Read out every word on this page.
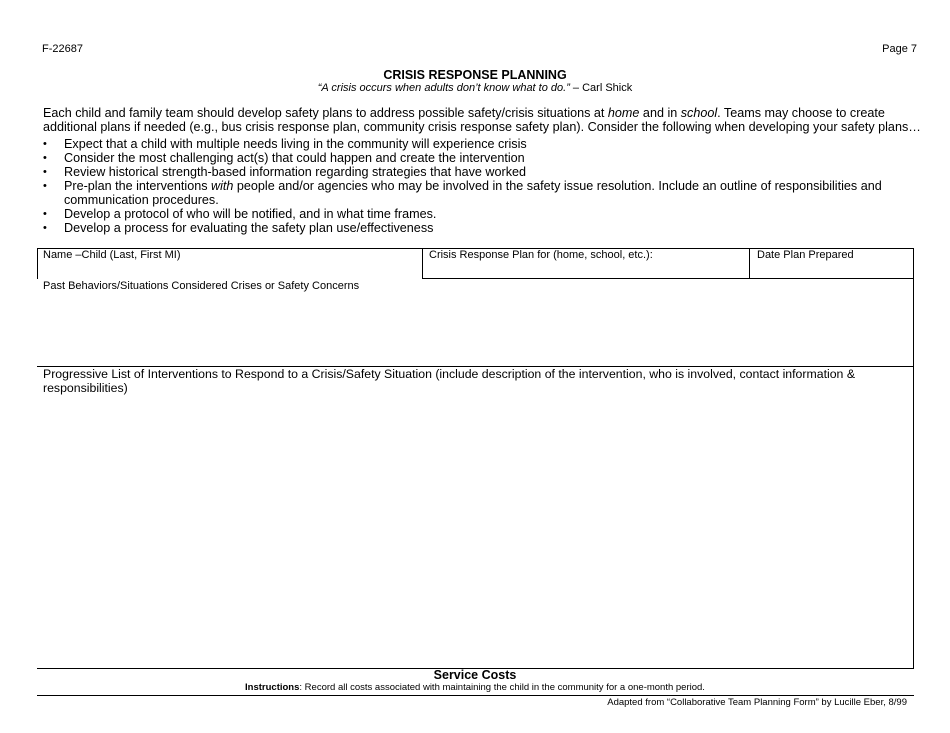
F-22687	Page 7
CRISIS RESPONSE PLANNING
“A crisis occurs when adults don’t know what to do.” – Carl Shick
Each child and family team should develop safety plans to address possible safety/crisis situations at home and in school. Teams may choose to create additional plans if needed (e.g., bus crisis response plan, community crisis response safety plan). Consider the following when developing your safety plans…
• Expect that a child with multiple needs living in the community will experience crisis
• Consider the most challenging act(s) that could happen and create the intervention
• Review historical strength-based information regarding strategies that have worked
• Pre-plan the interventions with people and/or agencies who may be involved in the safety issue resolution. Include an outline of responsibilities and communication procedures.
• Develop a protocol of who will be notified, and in what time frames.
• Develop a process for evaluating the safety plan use/effectiveness
Name –Child (Last, First MI)	Crisis Response Plan for (home, school, etc.):	Date Plan Prepared
Past Behaviors/Situations Considered Crises or Safety Concerns
Progressive List of Interventions to Respond to a Crisis/Safety Situation (include description of the intervention, who is involved, contact information & responsibilities)
Service Costs
Instructions: Record all costs associated with maintaining the child in the community for a one-month period.
Adapted from “Collaborative Team Planning Form” by Lucille Eber, 8/99
